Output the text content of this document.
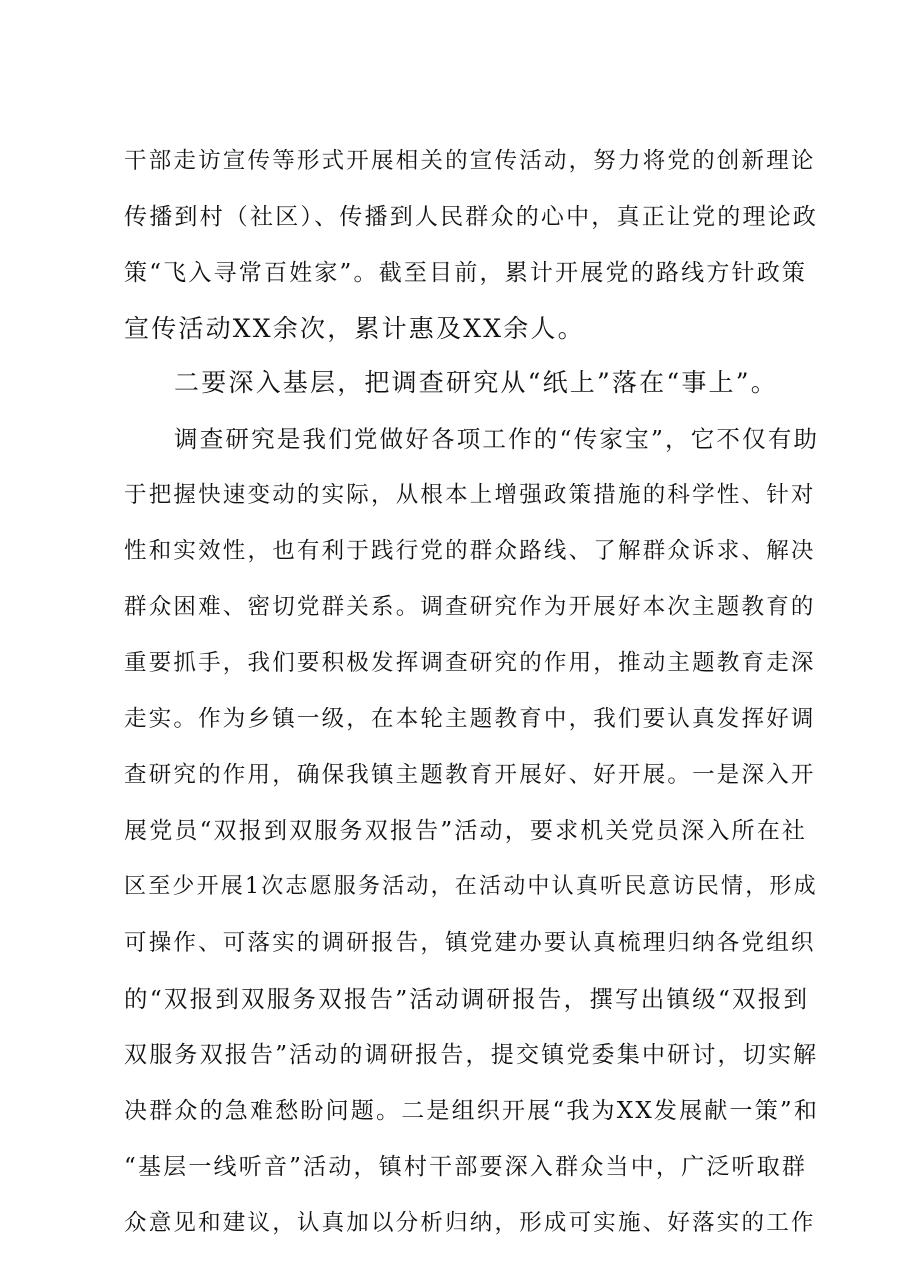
干部走访宣传等形式开展相关的宣传活动，努力将党的创新理论
传播到村（社区）、传播到人民群众的心中，真正让党的理论政
策“飞入寻常百姓家”。截至目前，累计开展党的路线方针政策
宣传活动XX余次，累计惠及XX余人。
二要深入基层，把调查研究从“纸上”落在“事上”。
调查研究是我们党做好各项工作的“传家宝”，它不仅有助
于把握快速变动的实际，从根本上增强政策措施的科学性、针对
性和实效性，也有利于践行党的群众路线、了解群众诉求、解决
群众困难、密切党群关系。调查研究作为开展好本次主题教育的
重要抓手，我们要积极发挥调查研究的作用，推动主题教育走深
走实。作为乡镇一级，在本轮主题教育中，我们要认真发挥好调
查研究的作用，确保我镇主题教育开展好、好开展。一是深入开
展党员“双报到双服务双报告”活动，要求机关党员深入所在社
区至少开展1次志愿服务活动，在活动中认真听民意访民情，形成
可操作、可落实的调研报告，镇党建办要认真梳理归纳各党组织
的“双报到双服务双报告”活动调研报告，撰写出镇级“双报到
双服务双报告”活动的调研报告，提交镇党委集中研讨，切实解
决群众的急难愁盼问题。二是组织开展“我为XX发展献一策”和
“基层一线听音”活动，镇村干部要深入群众当中，广泛听取群
众意见和建议，认真加以分析归纳，形成可实施、好落实的工作
